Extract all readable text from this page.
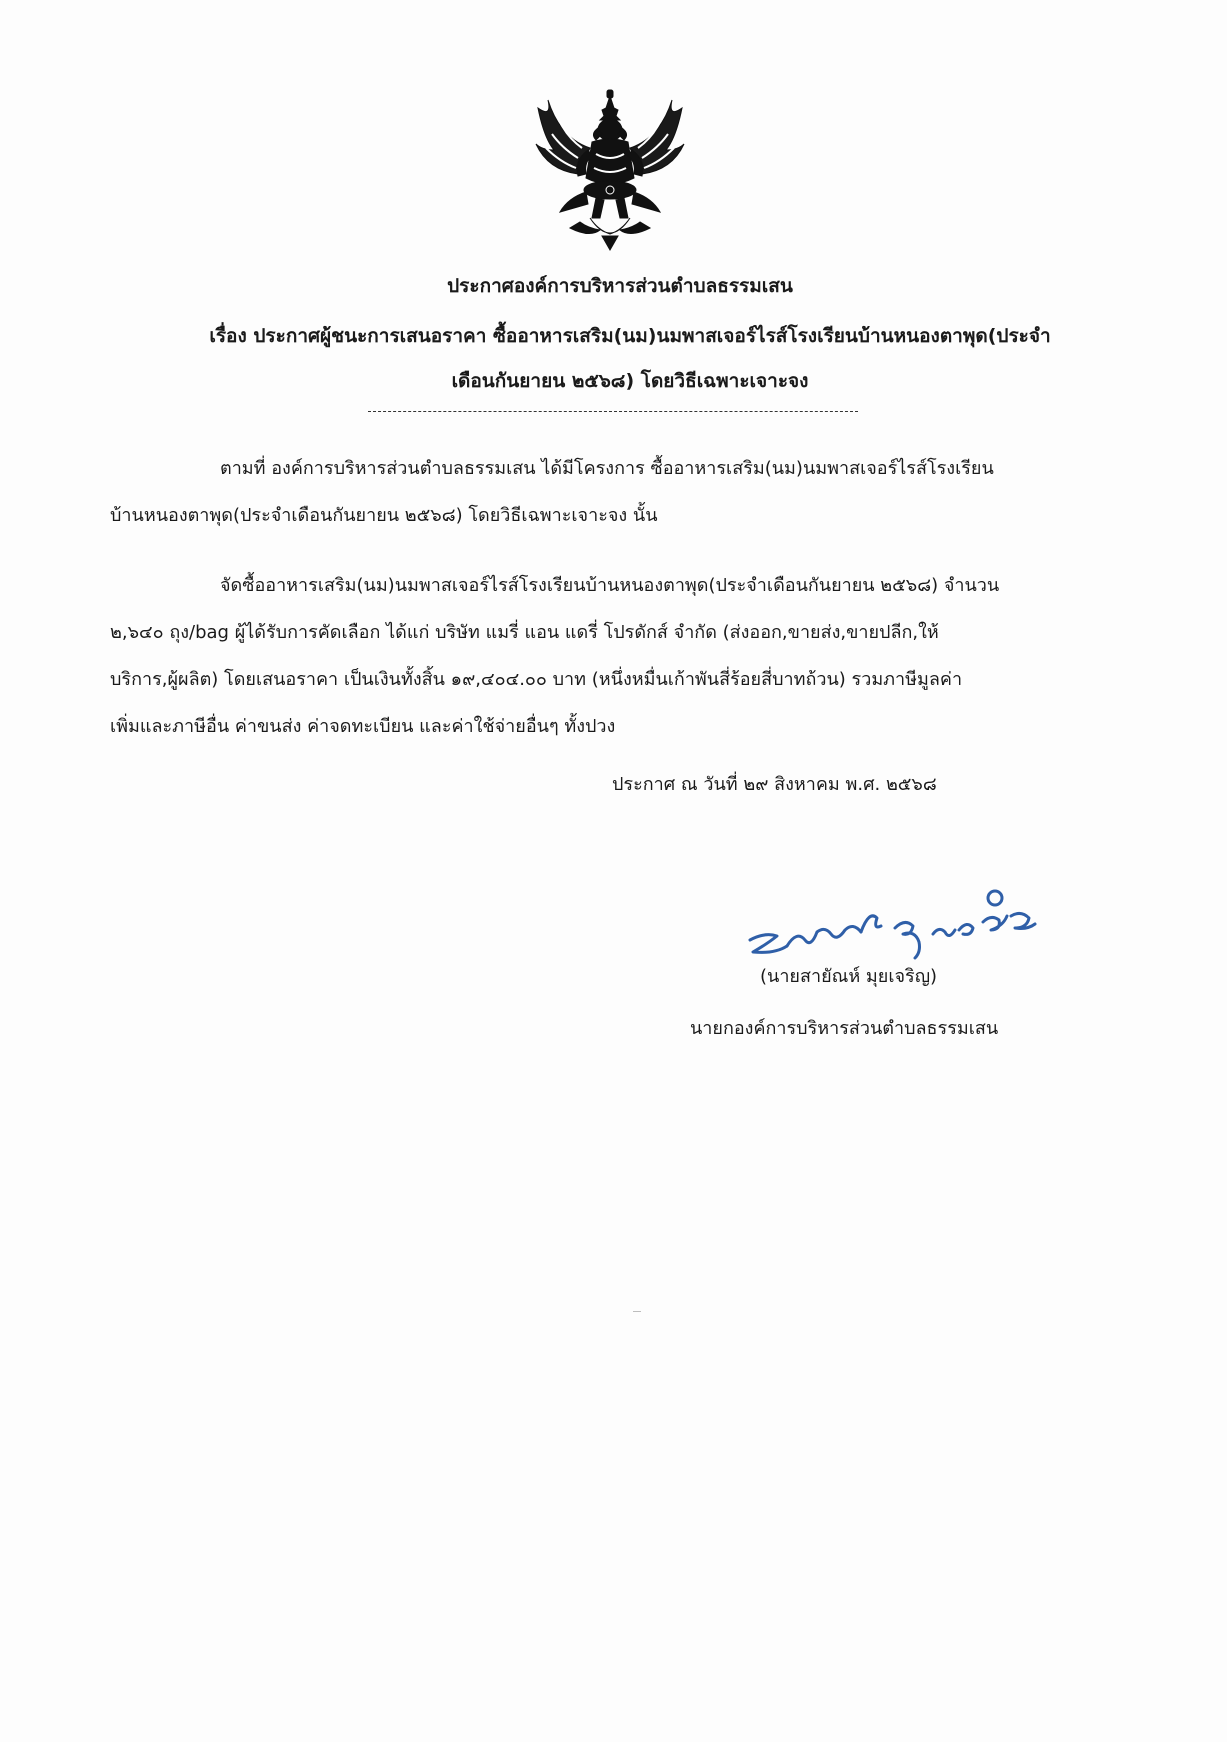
ประกาศองค์การบริหารส่วนตำบลธรรมเสน
เรื่อง ประกาศผู้ชนะการเสนอราคา ซื้ออาหารเสริม(นม)นมพาสเจอร์ไรส์โรงเรียนบ้านหนองตาพุด(ประจำ
เดือนกันยายน ๒๕๖๘) โดยวิธีเฉพาะเจาะจง
ตามที่ องค์การบริหารส่วนตำบลธรรมเสน ได้มีโครงการ ซื้ออาหารเสริม(นม)นมพาสเจอร์ไรส์โรงเรียน
บ้านหนองตาพุด(ประจำเดือนกันยายน ๒๕๖๘) โดยวิธีเฉพาะเจาะจง นั้น
จัดซื้ออาหารเสริม(นม)นมพาสเจอร์ไรส์โรงเรียนบ้านหนองตาพุด(ประจำเดือนกันยายน ๒๕๖๘) จำนวน
๒,๖๔๐ ถุง/bag ผู้ได้รับการคัดเลือก ได้แก่ บริษัท แมรี่ แอน แดรี่ โปรดักส์ จำกัด (ส่งออก,ขายส่ง,ขายปลีก,ให้
บริการ,ผู้ผลิต) โดยเสนอราคา เป็นเงินทั้งสิ้น ๑๙,๔๐๔.๐๐ บาท (หนึ่งหมื่นเก้าพันสี่ร้อยสี่บาทถ้วน) รวมภาษีมูลค่า
เพิ่มและภาษีอื่น ค่าขนส่ง ค่าจดทะเบียน และค่าใช้จ่ายอื่นๆ ทั้งปวง
ประกาศ ณ วันที่ ๒๙ สิงหาคม พ.ศ. ๒๕๖๘
(นายสายัณห์ มุยเจริญ)
นายกองค์การบริหารส่วนตำบลธรรมเสน
